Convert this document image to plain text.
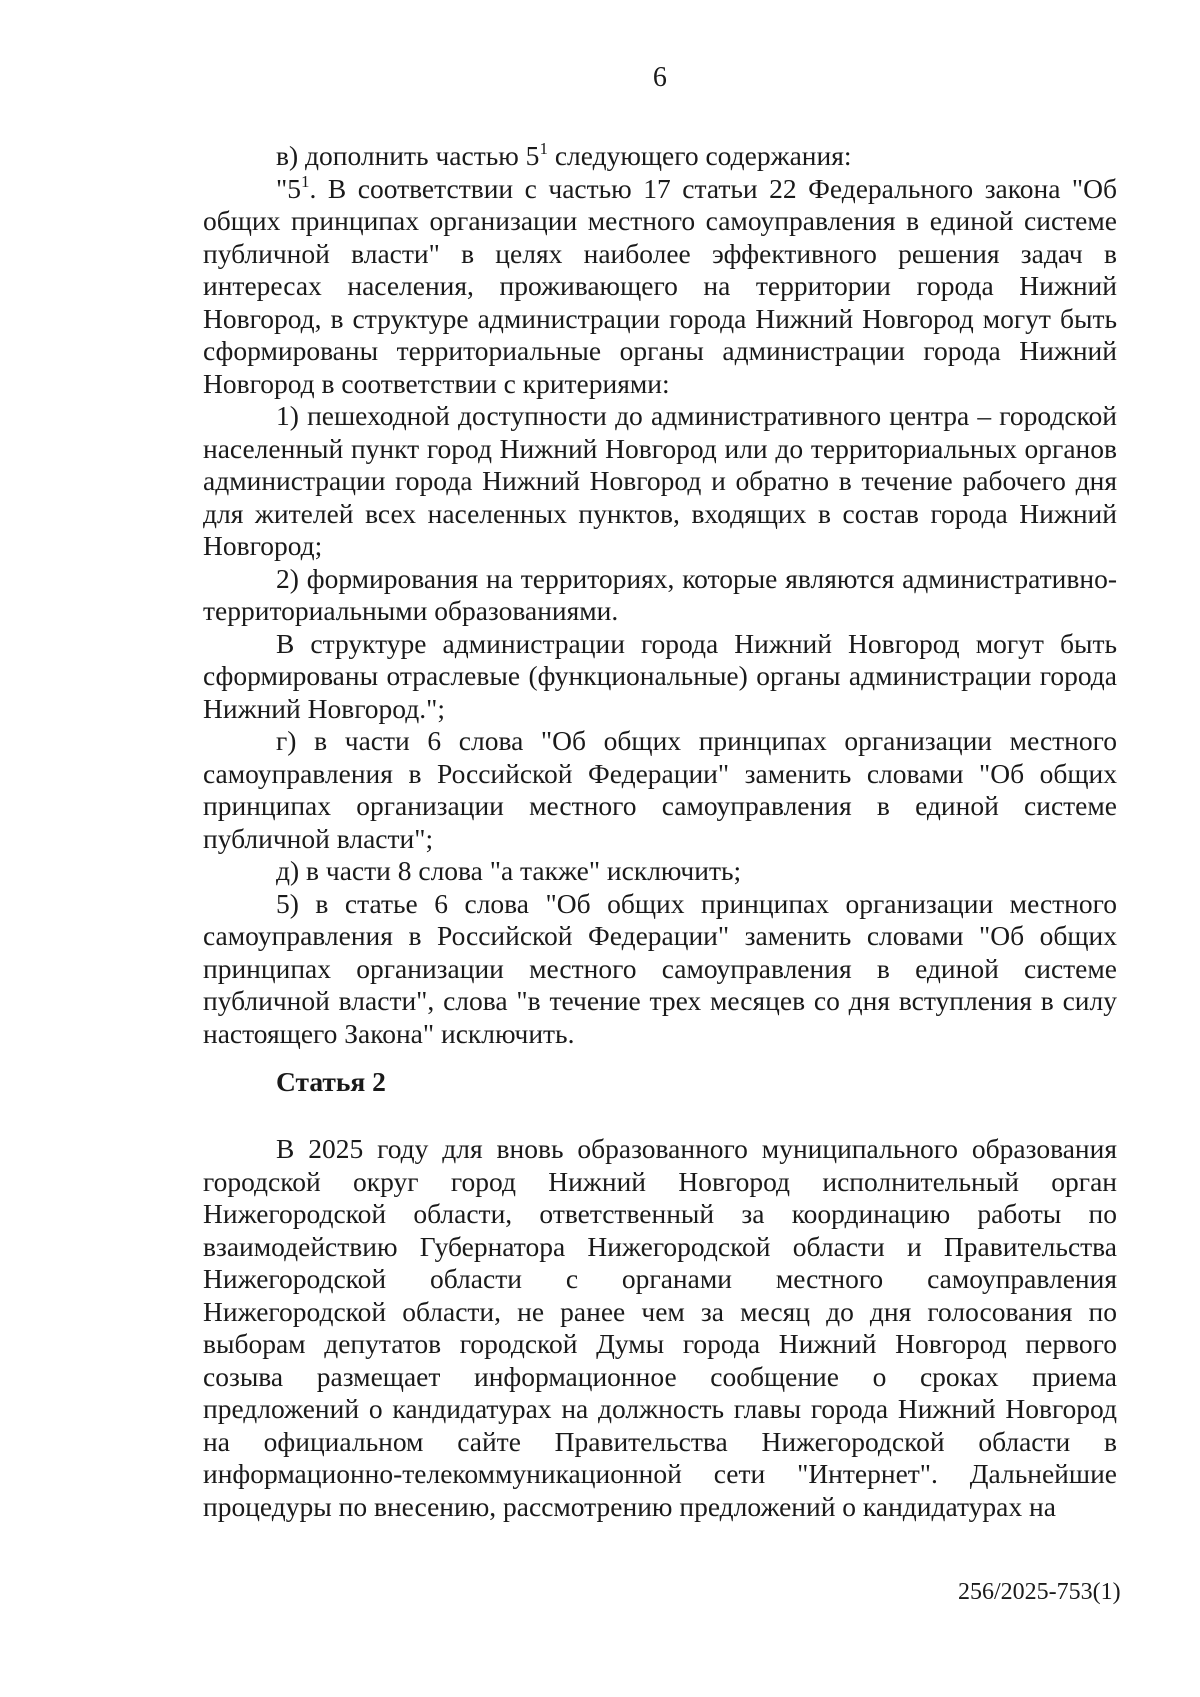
6

в) дополнить частью $5^1$ следующего содержания:

"$5^1$. В соответствии с частью 17 статьи 22 Федерального закона "Об общих принципах организации местного самоуправления в единой системе публичной власти" в целях наиболее эффективного решения задач в интересах населения, проживающего на территории города Нижний Новгород, в структуре администрации города Нижний Новгород могут быть сформированы территориальные органы администрации города Нижний Новгород в соответствии с критериями:

1) пешеходной доступности до административного центра – городской населенный пункт город Нижний Новгород или до территориальных органов администрации города Нижний Новгород и обратно в течение рабочего дня для жителей всех населенных пунктов, входящих в состав города Нижний Новгород;

2) формирования на территориях, которые являются административно-территориальными образованиями.

В структуре администрации города Нижний Новгород могут быть сформированы отраслевые (функциональные) органы администрации города Нижний Новгород.";

г) в части 6 слова "Об общих принципах организации местного самоуправления в Российской Федерации" заменить словами "Об общих принципах организации местного самоуправления в единой системе публичной власти";

д) в части 8 слова "а также" исключить;

5) в статье 6 слова "Об общих принципах организации местного самоуправления в Российской Федерации" заменить словами "Об общих принципах организации местного самоуправления в единой системе публичной власти", слова "в течение трех месяцев со дня вступления в силу настоящего Закона" исключить.

Статья 2

В 2025 году для вновь образованного муниципального образования городской округ город Нижний Новгород исполнительный орган Нижегородской области, ответственный за координацию работы по взаимодействию Губернатора Нижегородской области и Правительства Нижегородской области с органами местного самоуправления Нижегородской области, не ранее чем за месяц до дня голосования по выборам депутатов городской Думы города Нижний Новгород первого созыва размещает информационное сообщение о сроках приема предложений о кандидатурах на должность главы города Нижний Новгород на официальном сайте Правительства Нижегородской области в информационно-телекоммуникационной сети "Интернет". Дальнейшие процедуры по внесению, рассмотрению предложений о кандидатурах на

256/2025-753(1)
